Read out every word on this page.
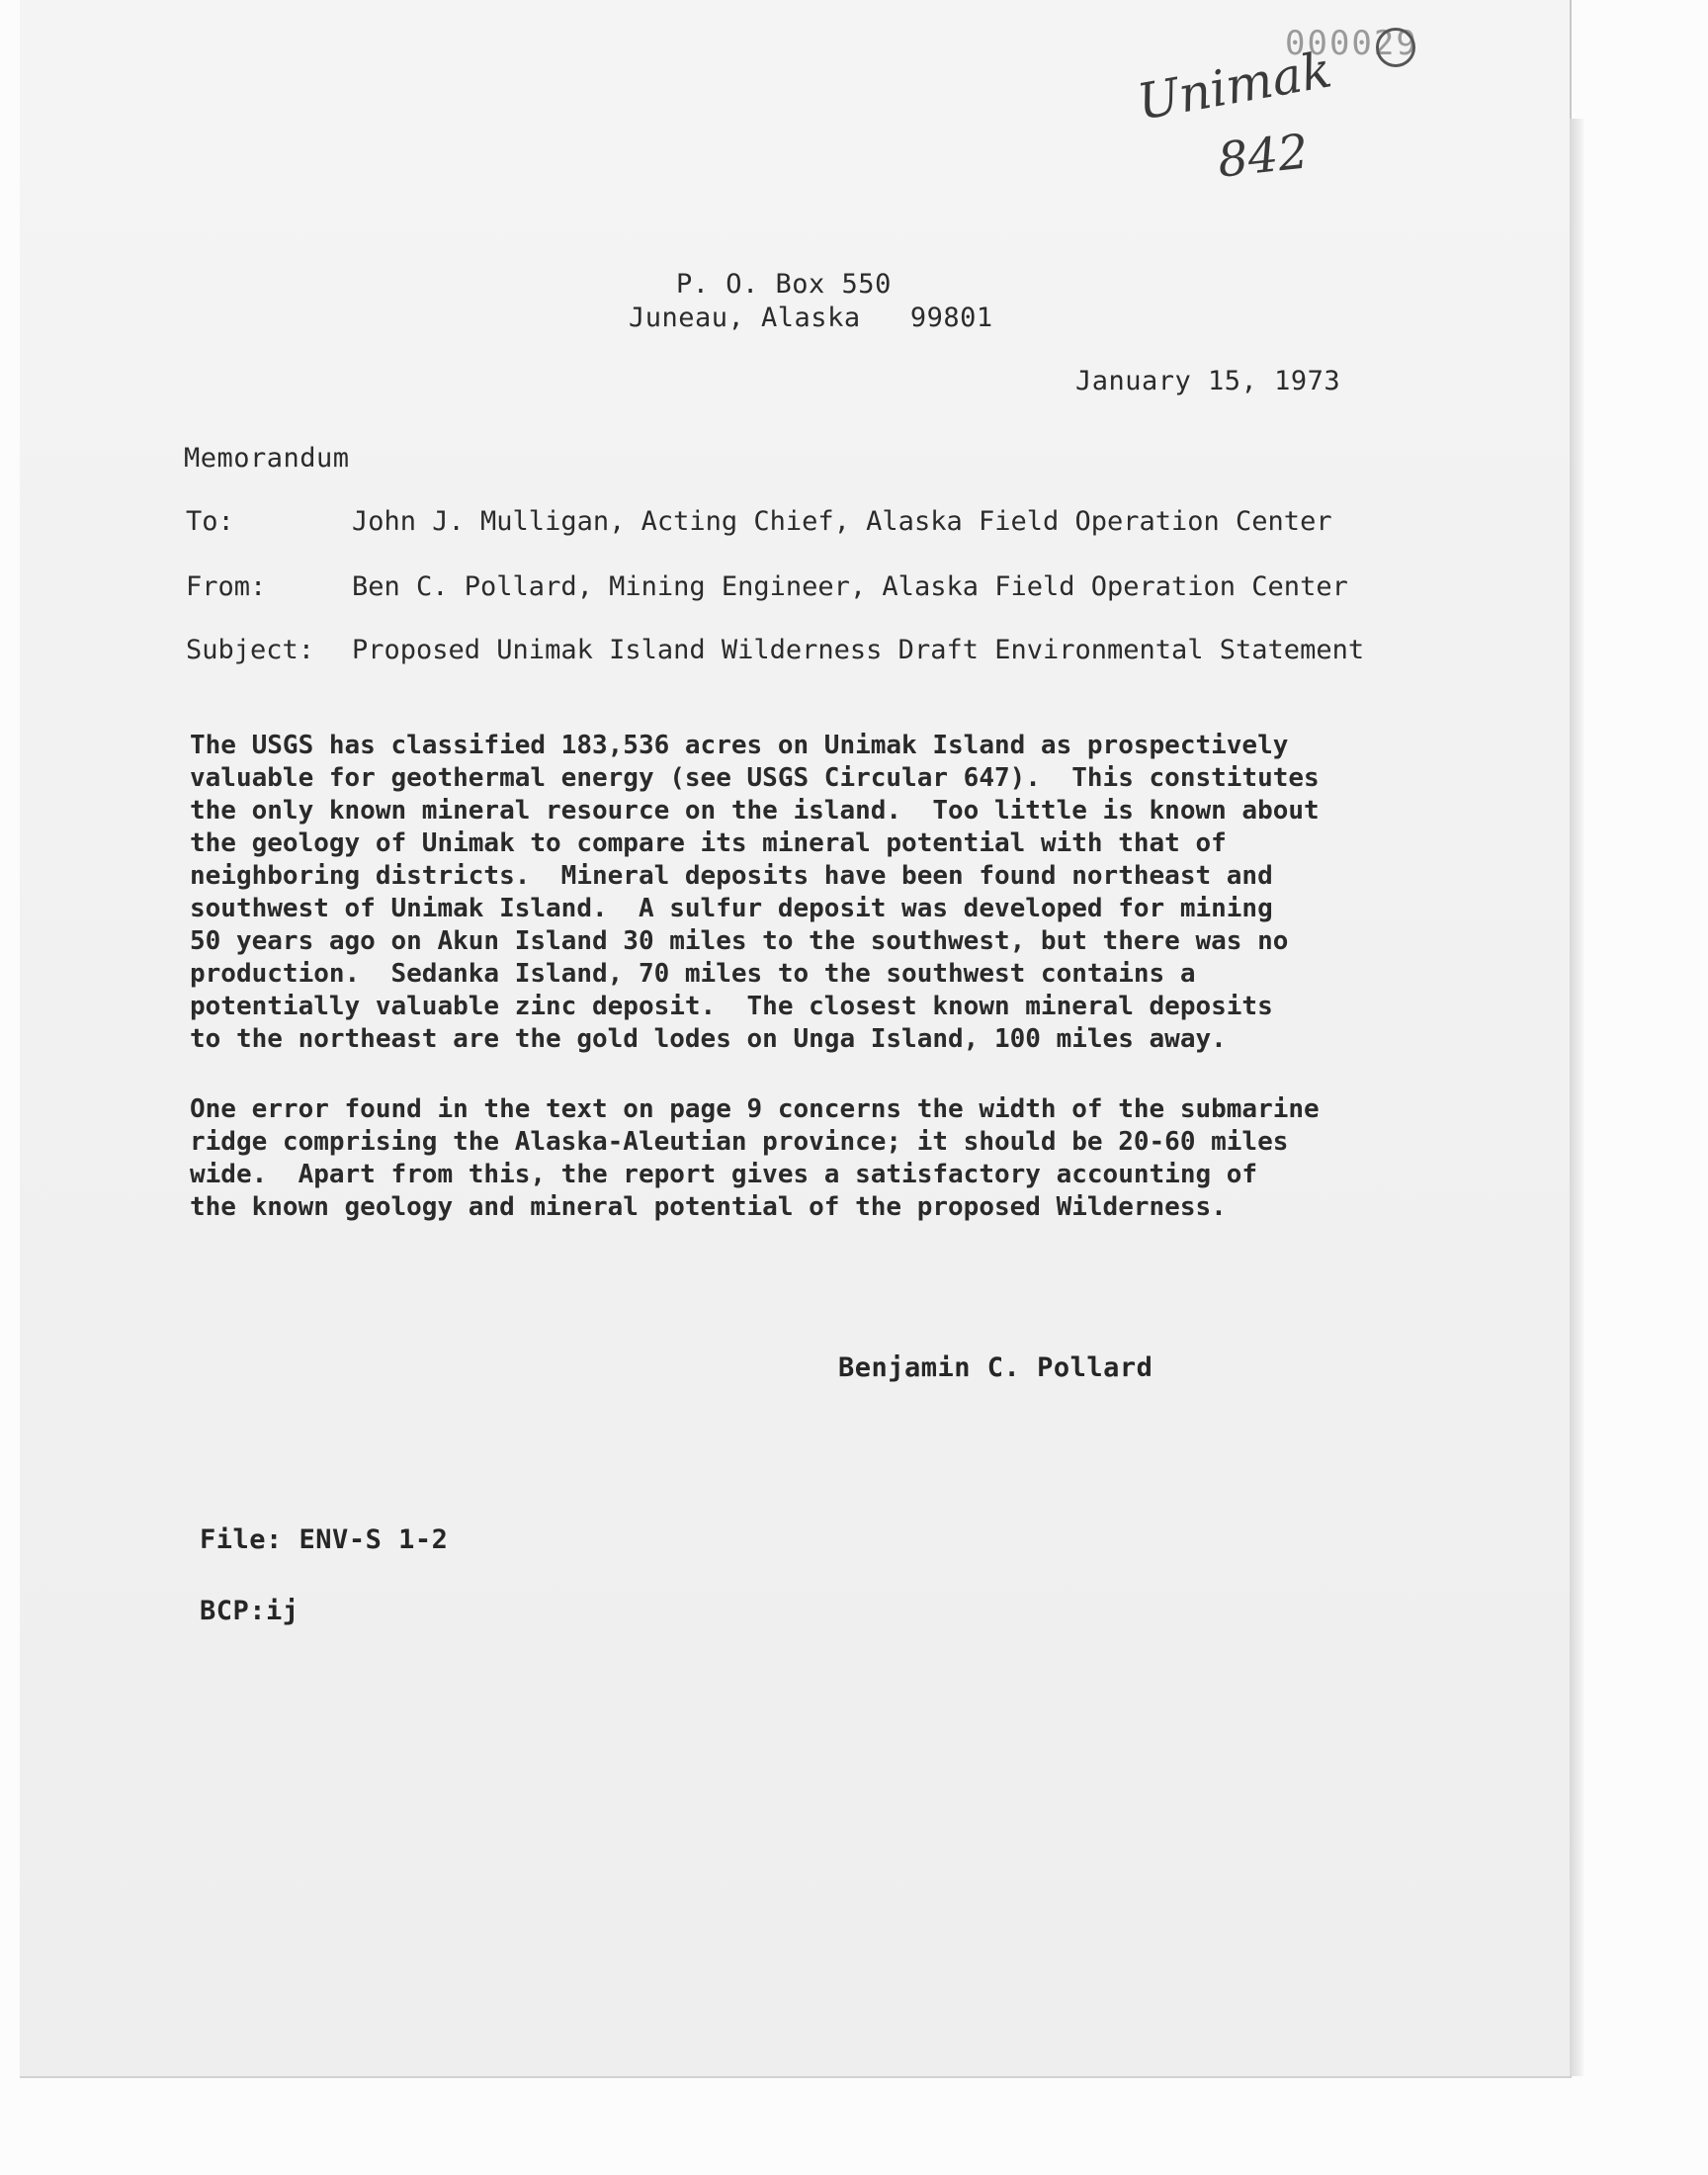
000029
Unimak
842
P. O. Box 550
Juneau, Alaska   99801
January 15, 1973
Memorandum
To:	John J. Mulligan, Acting Chief, Alaska Field Operation Center
From:	Ben C. Pollard, Mining Engineer, Alaska Field Operation Center
Subject: Proposed Unimak Island Wilderness Draft Environmental Statement
The USGS has classified 183,536 acres on Unimak Island as prospectively
valuable for geothermal energy (see USGS Circular 647).  This constitutes
the only known mineral resource on the island.  Too little is known about
the geology of Unimak to compare its mineral potential with that of
neighboring districts.  Mineral deposits have been found northeast and
southwest of Unimak Island.  A sulfur deposit was developed for mining
50 years ago on Akun Island 30 miles to the southwest, but there was no
production.  Sedanka Island, 70 miles to the southwest contains a
potentially valuable zinc deposit.  The closest known mineral deposits
to the northeast are the gold lodes on Unga Island, 100 miles away.
One error found in the text on page 9 concerns the width of the submarine
ridge comprising the Alaska-Aleutian province; it should be 20-60 miles
wide.  Apart from this, the report gives a satisfactory accounting of
the known geology and mineral potential of the proposed Wilderness.
Benjamin C. Pollard
File: ENV-S 1-2
BCP:ij
